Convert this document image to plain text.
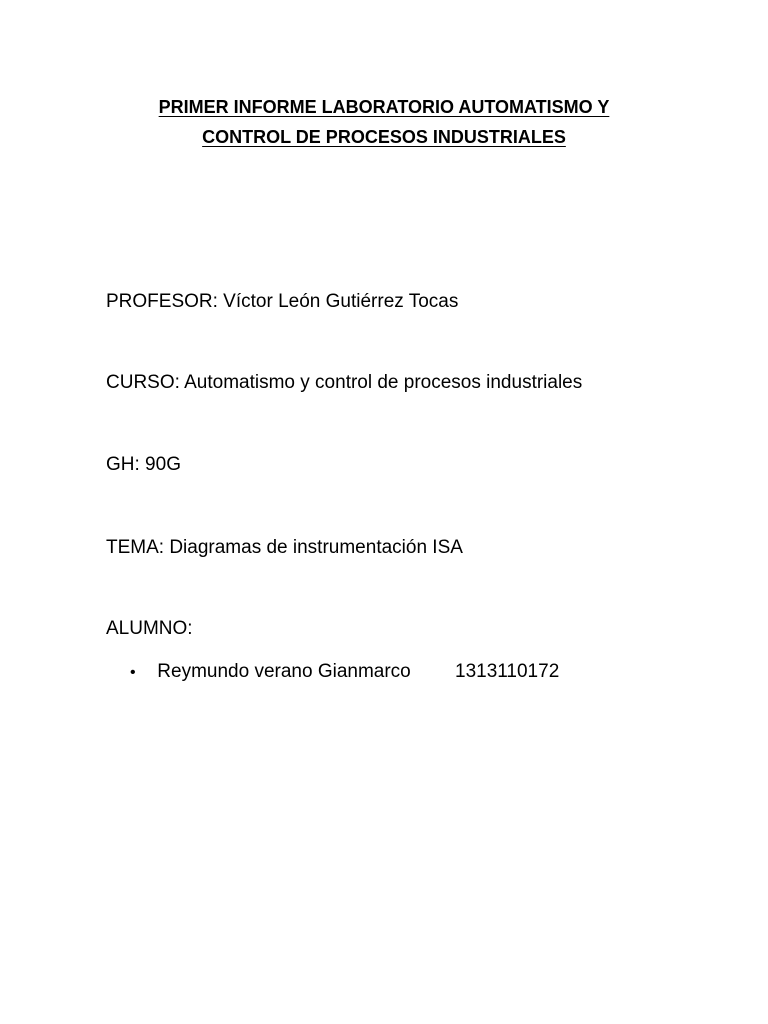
PRIMER INFORME LABORATORIO AUTOMATISMO Y
CONTROL DE PROCESOS INDUSTRIALES
PROFESOR: Víctor León Gutiérrez Tocas
CURSO: Automatismo y control de procesos industriales
GH: 90G
TEMA: Diagramas de instrumentación ISA
ALUMNO:
• Reymundo verano Gianmarco 1313110172
